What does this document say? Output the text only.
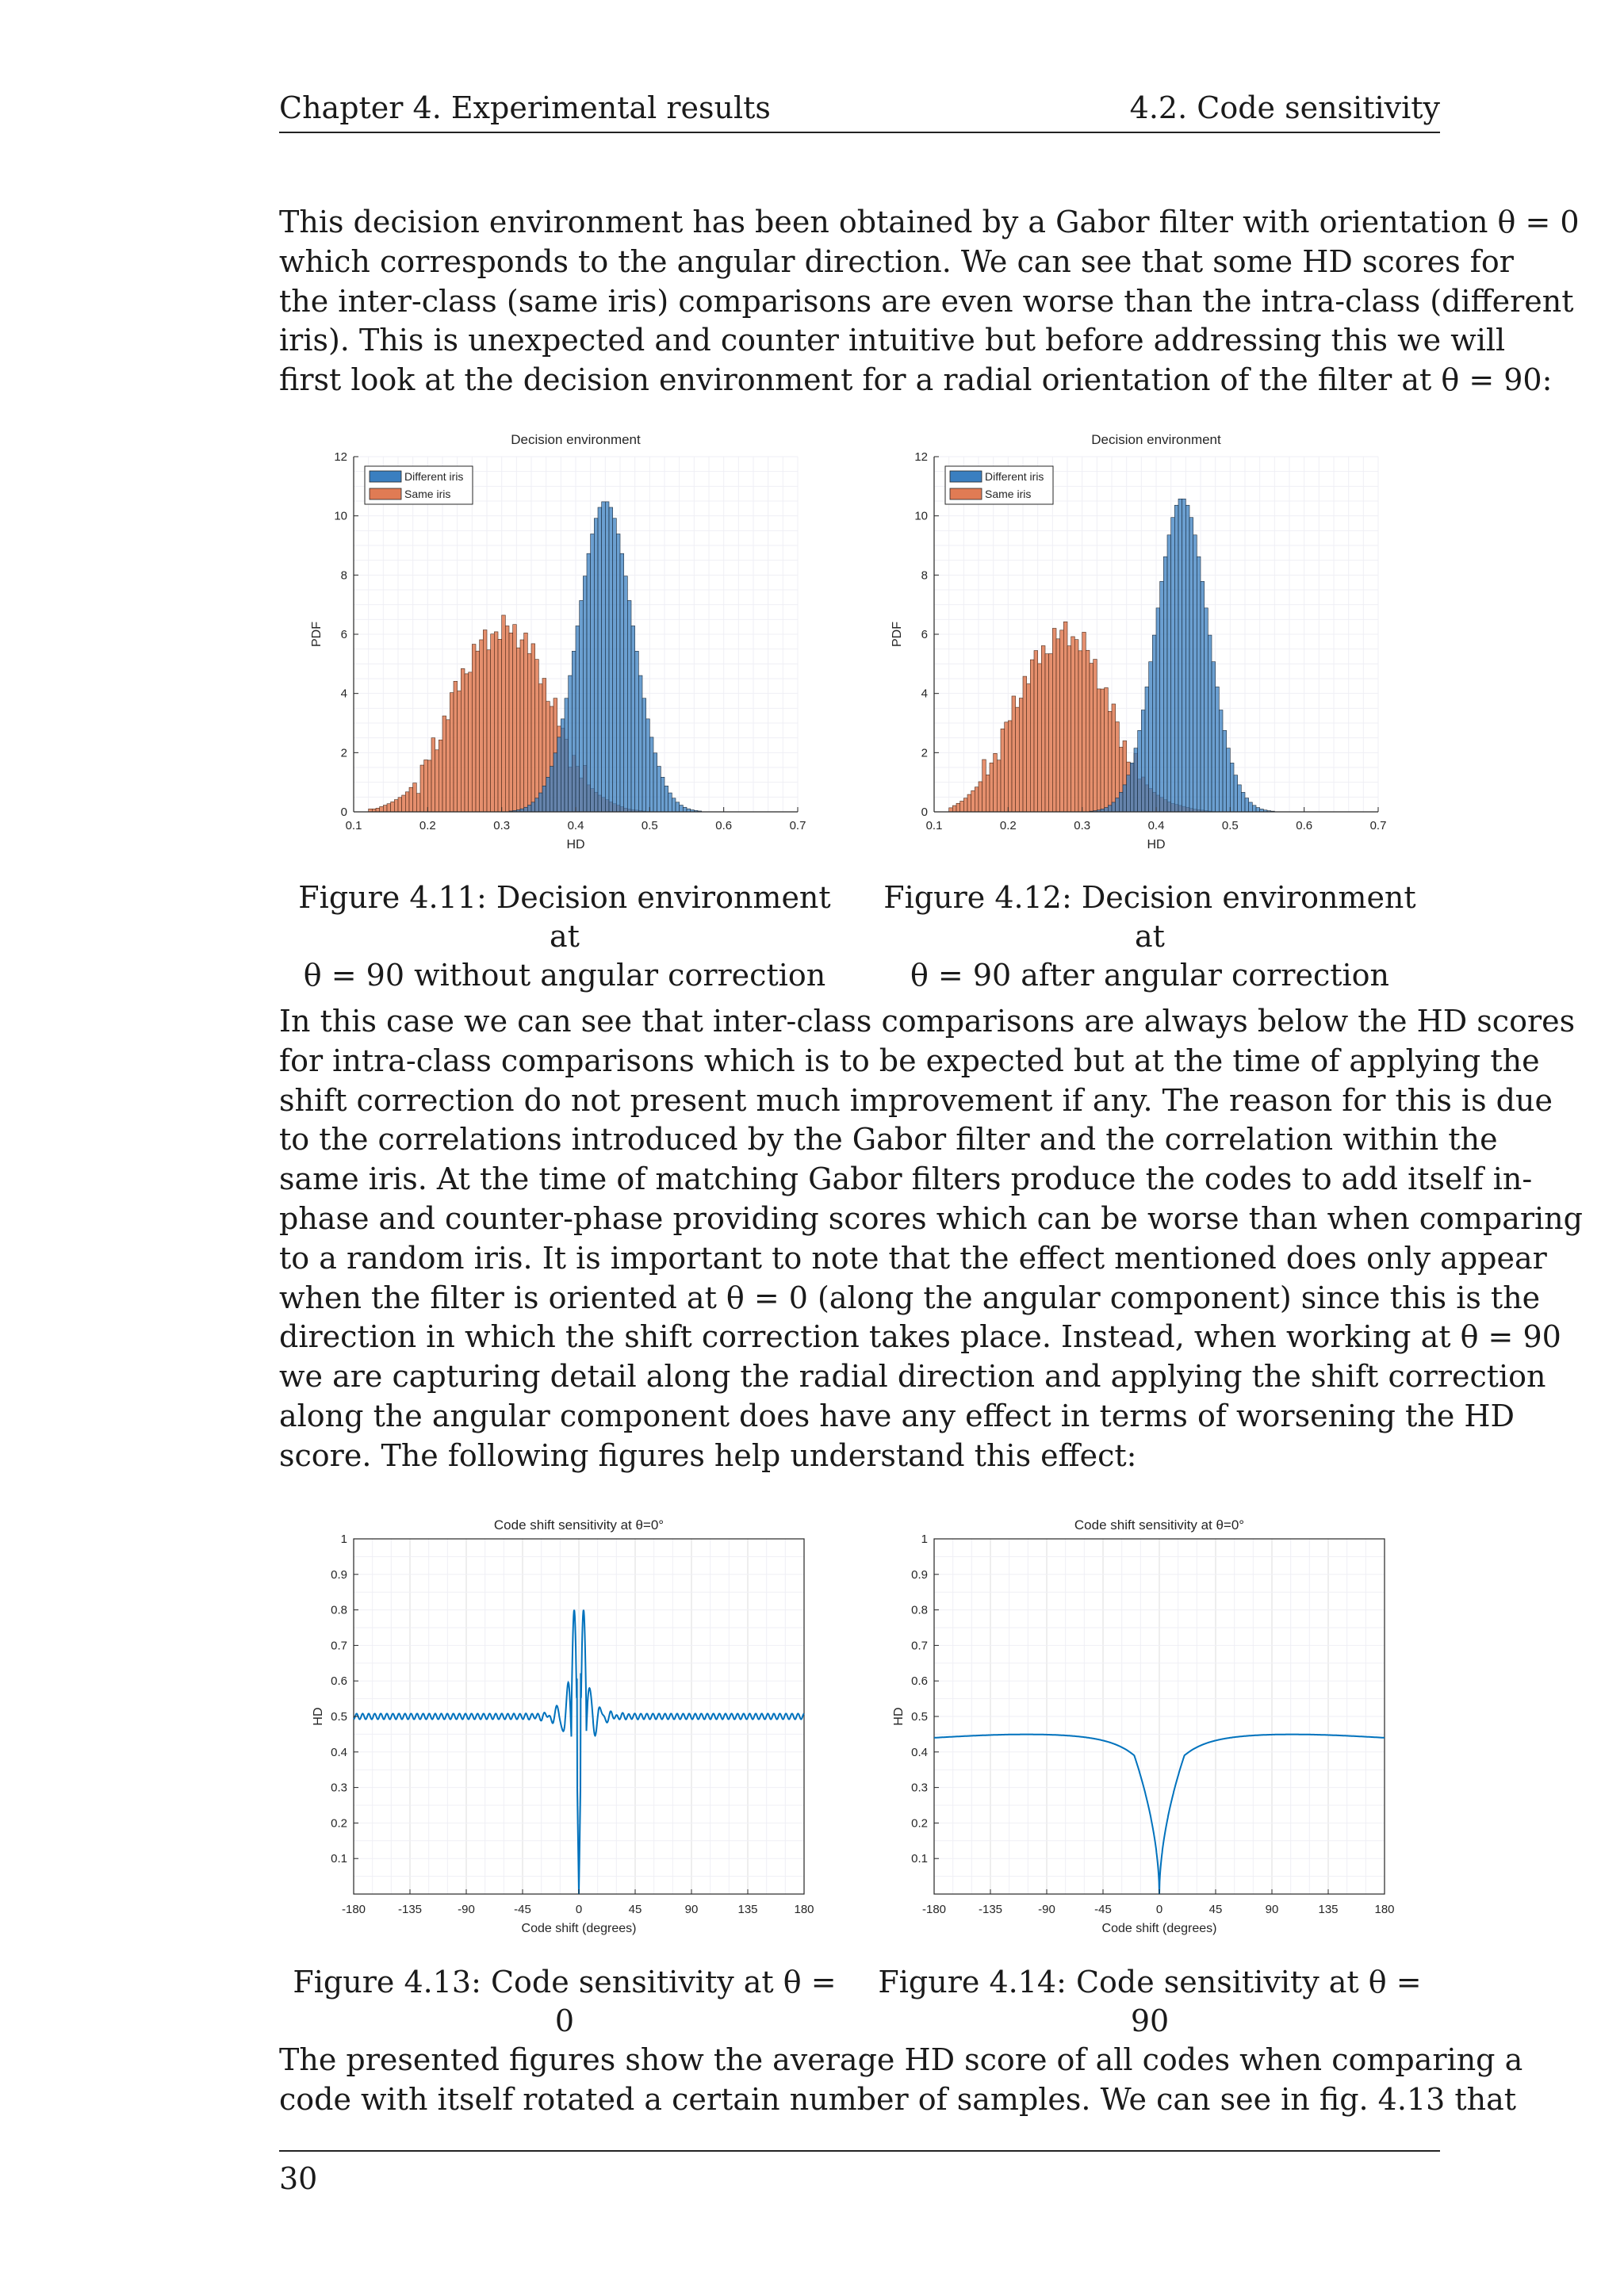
Chapter 4. Experimental results	4.2. Code sensitivity
This decision environment has been obtained by a Gabor filter with orientation θ = 0
which corresponds to the angular direction. We can see that some HD scores for
the inter-class (same iris) comparisons are even worse than the intra-class (different
iris). This is unexpected and counter intuitive but before addressing this we will
first look at the decision environment for a radial orientation of the filter at θ = 90:
Decision environment
0.1	0.2	0.3	0.4	0.5	0.6	0.7
0
2
4
6
8
10
12
HD
PDF
Different iris
Same iris
Decision environment
0.1	0.2	0.3	0.4	0.5	0.6	0.7
0
2
4
6
8
10
12
HD
PDF
Different iris
Same iris
Figure 4.11: Decision environment at
θ = 90 without angular correction
Figure 4.12: Decision environment at
θ = 90 after angular correction
In this case we can see that inter-class comparisons are always below the HD scores
for intra-class comparisons which is to be expected but at the time of applying the
shift correction do not present much improvement if any. The reason for this is due
to the correlations introduced by the Gabor filter and the correlation within the
same iris. At the time of matching Gabor filters produce the codes to add itself in-
phase and counter-phase providing scores which can be worse than when comparing
to a random iris. It is important to note that the effect mentioned does only appear
when the filter is oriented at θ = 0 (along the angular component) since this is the
direction in which the shift correction takes place. Instead, when working at θ = 90
we are capturing detail along the radial direction and applying the shift correction
along the angular component does have any effect in terms of worsening the HD
score. The following figures help understand this effect:
Code shift sensitivity at θ=0°
-180	-135	-90	-45	0	45	90	135	180
0.1
0.2
0.3
0.4
0.5
0.6
0.7
0.8
0.9
1
Code shift (degrees)
HD
Code shift sensitivity at θ=0°
-180	-135	-90	-45	0	45	90	135	180
0.1
0.2
0.3
0.4
0.5
0.6
0.7
0.8
0.9
1
Code shift (degrees)
HD
Figure 4.13: Code sensitivity at θ = 0
Figure 4.14: Code sensitivity at θ = 90
The presented figures show the average HD score of all codes when comparing a
code with itself rotated a certain number of samples. We can see in fig. 4.13 that
30
